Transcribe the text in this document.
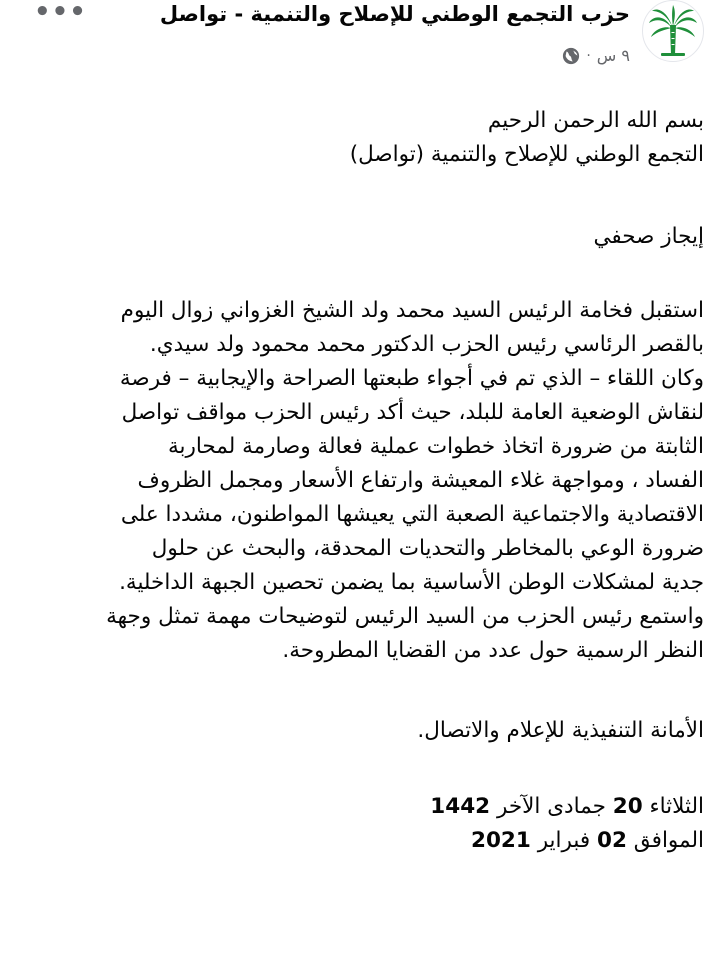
حزب التجمع الوطني للإصلاح والتنمية - تواصل
٩ س
·
•••

بسم الله الرحمن الرحيم

التجمع الوطني للإصلاح والتنمية (تواصل)

إيجاز صحفي

استقبل فخامة الرئيس السيد محمد ولد الشيخ الغزواني زوال اليوم

بالقصر الرئاسي رئيس الحزب الدكتور محمد محمود ولد سيدي.

وكان اللقاء – الذي تم في أجواء طبعتها الصراحة والإيجابية – فرصة

لنقاش الوضعية العامة للبلد، حيث أكد رئيس الحزب مواقف تواصل

الثابتة من ضرورة اتخاذ خطوات عملية فعالة وصارمة لمحاربة

الفساد ، ومواجهة غلاء المعيشة وارتفاع الأسعار ومجمل الظروف

الاقتصادية والاجتماعية الصعبة التي يعيشها المواطنون، مشددا على

ضرورة الوعي بالمخاطر والتحديات المحدقة، والبحث عن حلول

جدية لمشكلات الوطن الأساسية بما يضمن تحصين الجبهة الداخلية.

واستمع رئيس الحزب من السيد الرئيس لتوضيحات مهمة تمثل وجهة

النظر الرسمية حول عدد من القضايا المطروحة.

الأمانة التنفيذية للإعلام والاتصال.

الثلاثاء 20 جمادى الآخر 1442

الموافق 02 فبراير 2021
